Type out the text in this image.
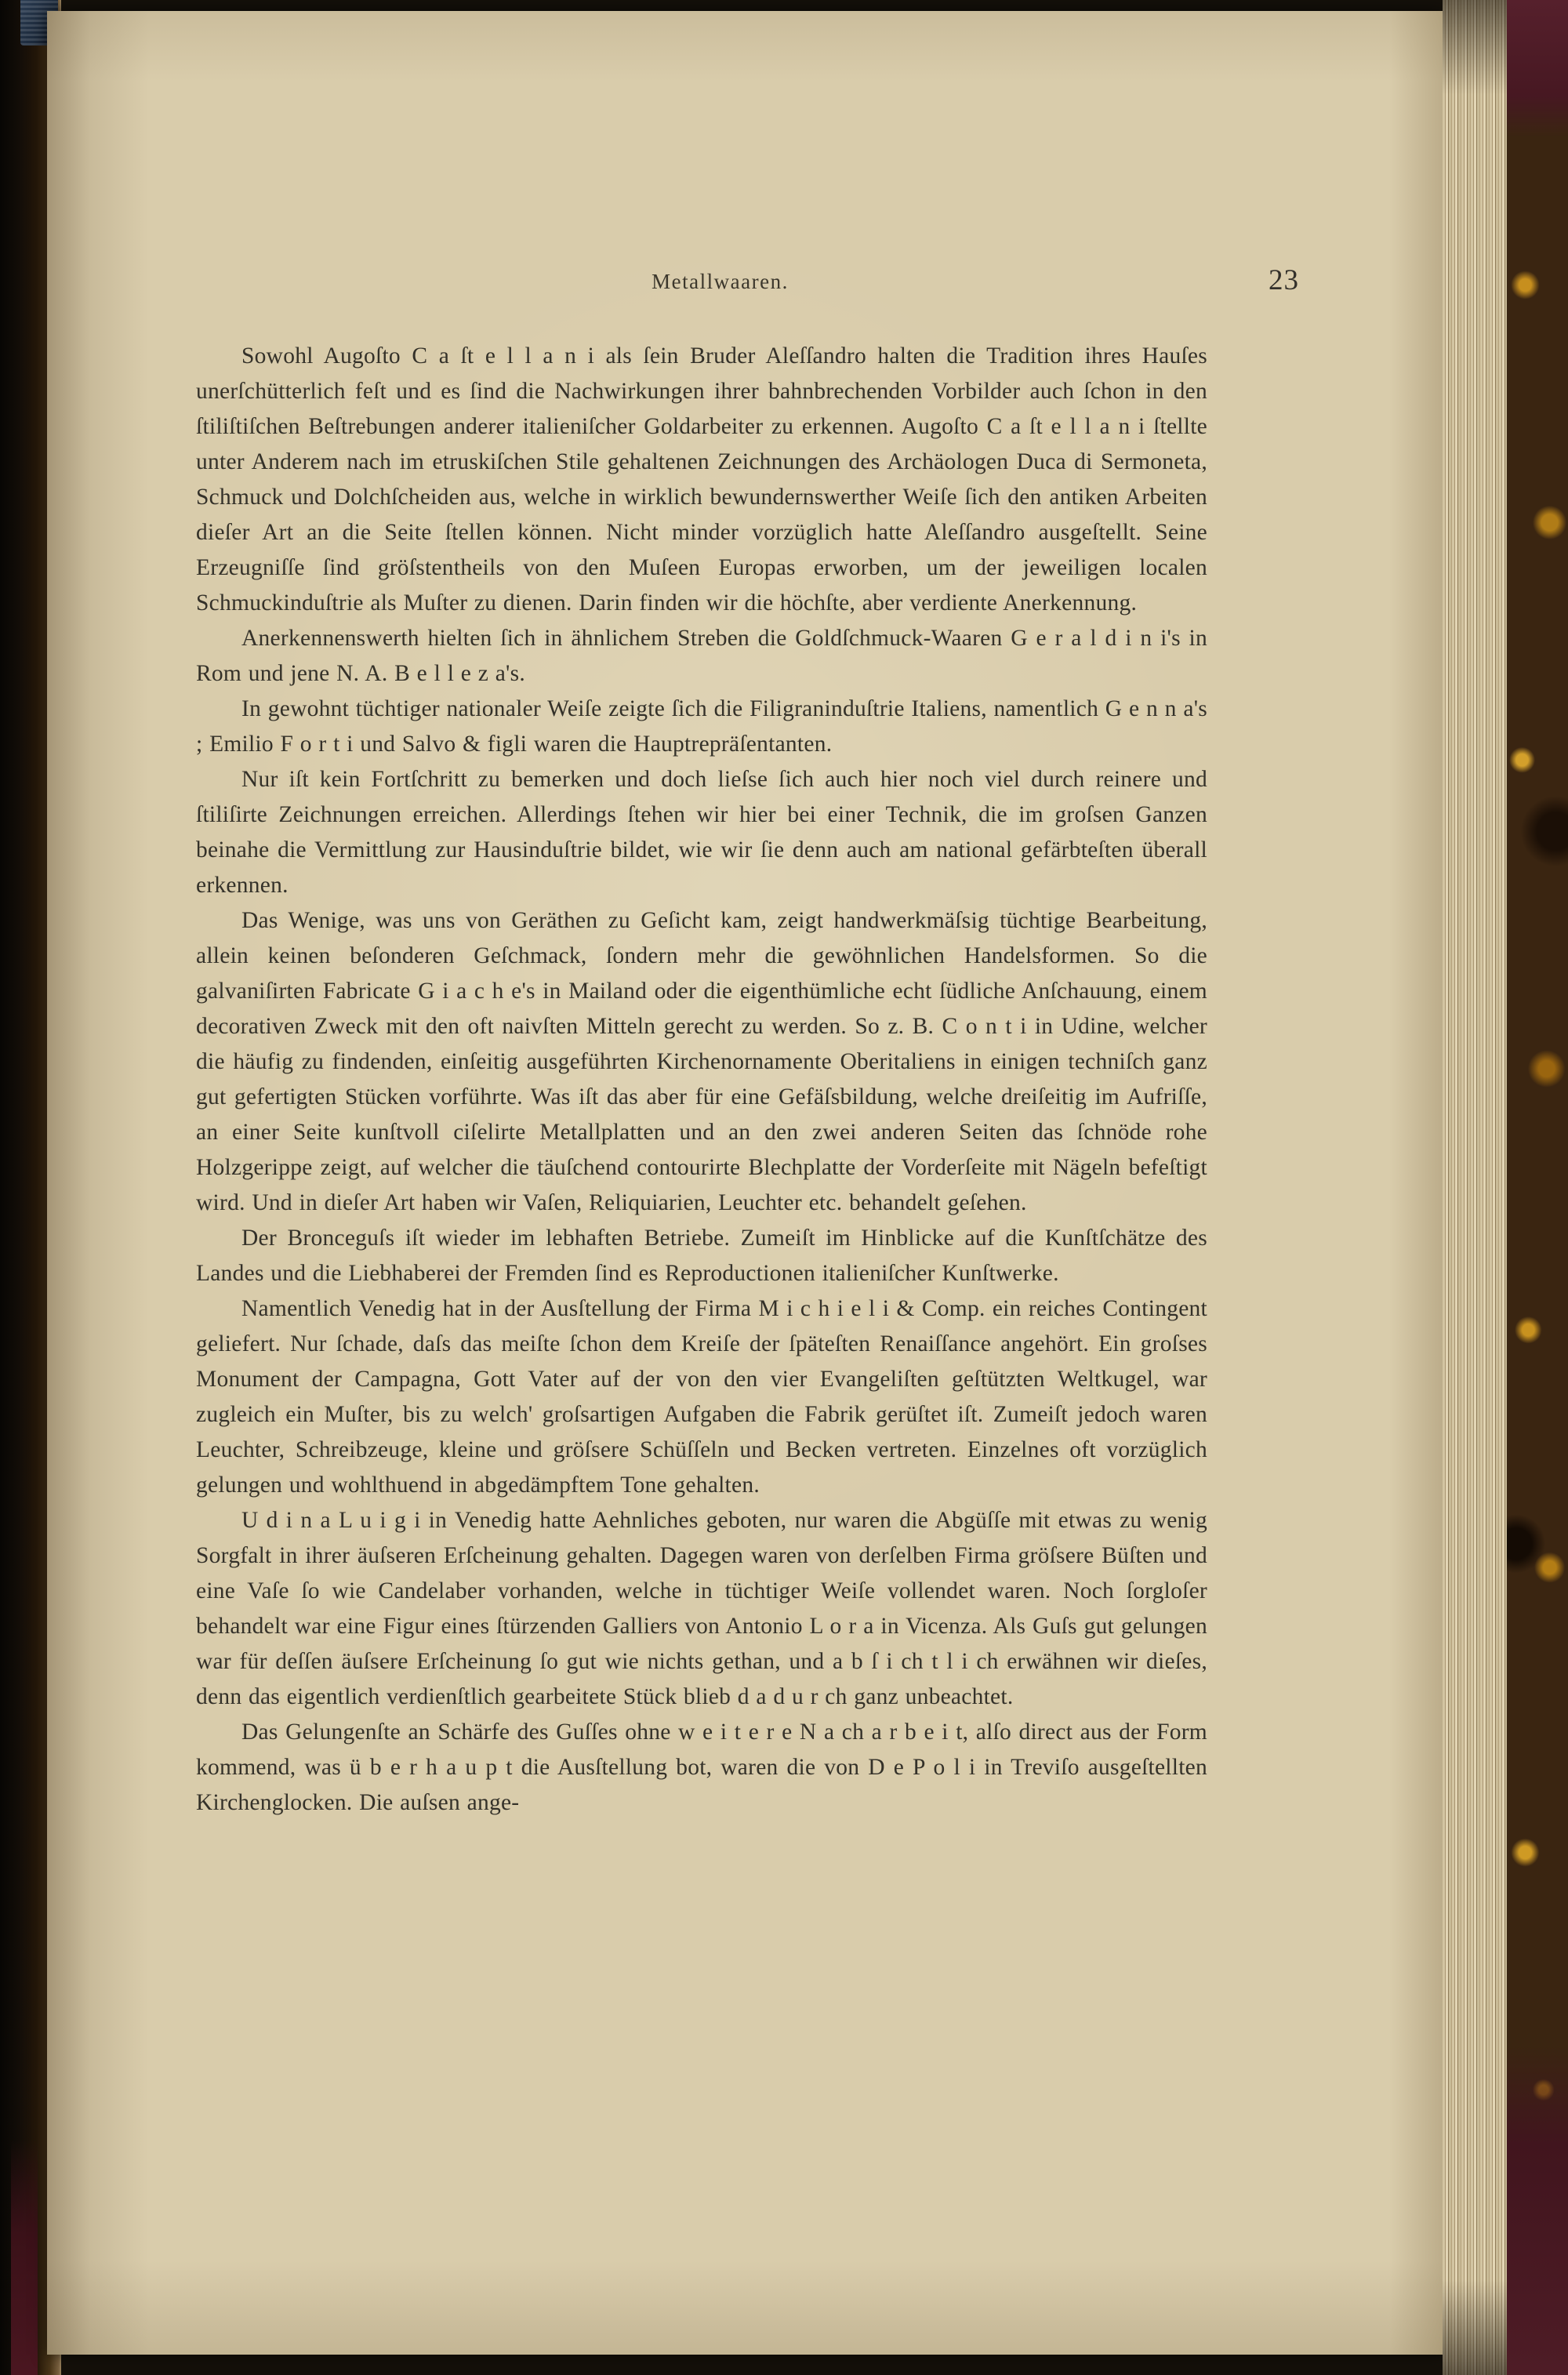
Metallwaaren.	23

Sowohl Augoſto C a ſt e l l a n i als ſein Bruder Aleſſandro halten die Tradition ihres Hauſes unerſchütterlich feſt und es ſind die Nachwirkungen ihrer bahnbrechenden Vorbilder auch ſchon in den ſtiliſtiſchen Beſtrebungen anderer italieniſcher Goldarbeiter zu erkennen. Augoſto C a ſt e l l a n i ſtellte unter Anderem nach im etruskiſchen Stile gehaltenen Zeichnungen des Archäologen Duca di Sermoneta, Schmuck und Dolchſcheiden aus, welche in wirklich bewundernswerther Weiſe ſich den antiken Arbeiten dieſer Art an die Seite ſtellen können. Nicht minder vorzüglich hatte Aleſſandro ausgeſtellt. Seine Erzeugniſſe ſind gröſstentheils von den Muſeen Europas erworben, um der jeweiligen localen Schmuckinduſtrie als Muſter zu dienen. Darin finden wir die höchſte, aber verdiente Anerkennung.

Anerkennenswerth hielten ſich in ähnlichem Streben die Goldſchmuck-Waaren G e r a l d i n i's in Rom und jene N. A. B e l l e z a's.

In gewohnt tüchtiger nationaler Weiſe zeigte ſich die Filigraninduſtrie Italiens, namentlich G e n n a's ; Emilio F o r t i und Salvo & figli waren die Hauptrepräſentanten.

Nur iſt kein Fortſchritt zu bemerken und doch lieſse ſich auch hier noch viel durch reinere und ſtiliſirte Zeichnungen erreichen. Allerdings ſtehen wir hier bei einer Technik, die im groſsen Ganzen beinahe die Vermittlung zur Hausinduſtrie bildet, wie wir ſie denn auch am national gefärbteſten überall erkennen.

Das Wenige, was uns von Geräthen zu Geſicht kam, zeigt handwerkmäſsig tüchtige Bearbeitung, allein keinen beſonderen Geſchmack, ſondern mehr die gewöhnlichen Handelsformen. So die galvaniſirten Fabricate G i a c h e's in Mailand oder die eigenthümliche echt ſüdliche Anſchauung, einem decorativen Zweck mit den oft naivſten Mitteln gerecht zu werden. So z. B. C o n t i in Udine, welcher die häufig zu findenden, einſeitig ausgeführten Kirchenornamente Oberitaliens in einigen techniſch ganz gut gefertigten Stücken vorführte. Was iſt das aber für eine Gefäſsbildung, welche dreiſeitig im Aufriſſe, an einer Seite kunſtvoll ciſelirte Metallplatten und an den zwei anderen Seiten das ſchnöde rohe Holzgerippe zeigt, auf welcher die täuſchend contourirte Blechplatte der Vorderſeite mit Nägeln befeſtigt wird. Und in dieſer Art haben wir Vaſen, Reliquiarien, Leuchter etc. behandelt geſehen.

Der Bronceguſs iſt wieder im lebhaften Betriebe. Zumeiſt im Hinblicke auf die Kunſtſchätze des Landes und die Liebhaberei der Fremden ſind es Reproductionen italieniſcher Kunſtwerke.

Namentlich Venedig hat in der Ausſtellung der Firma M i c h i e l i & Comp. ein reiches Contingent geliefert. Nur ſchade, daſs das meiſte ſchon dem Kreiſe der ſpäteſten Renaiſſance angehört. Ein groſses Monument der Campagna, Gott Vater auf der von den vier Evangeliſten geſtützten Weltkugel, war zugleich ein Muſter, bis zu welch' groſsartigen Aufgaben die Fabrik gerüſtet iſt. Zumeiſt jedoch waren Leuchter, Schreibzeuge, kleine und gröſsere Schüſſeln und Becken vertreten. Einzelnes oft vorzüglich gelungen und wohlthuend in abgedämpftem Tone gehalten.

U d i n a L u i g i in Venedig hatte Aehnliches geboten, nur waren die Abgüſſe mit etwas zu wenig Sorgfalt in ihrer äuſseren Erſcheinung gehalten. Dagegen waren von derſelben Firma gröſsere Büſten und eine Vaſe ſo wie Candelaber vorhanden, welche in tüchtiger Weiſe vollendet waren. Noch ſorgloſer behandelt war eine Figur eines ſtürzenden Galliers von Antonio L o r a in Vicenza. Als Guſs gut gelungen war für deſſen äuſsere Erſcheinung ſo gut wie nichts gethan, und a b ſ i ch t l i ch erwähnen wir dieſes, denn das eigentlich verdienſtlich gearbeitete Stück blieb d a d u r ch ganz unbeachtet.

Das Gelungenſte an Schärfe des Guſſes ohne w e i t e r e N a ch a r b e i t, alſo direct aus der Form kommend, was ü b e r h a u p t die Ausſtellung bot, waren die von D e P o l i in Treviſo ausgeſtellten Kirchenglocken. Die auſsen ange-
